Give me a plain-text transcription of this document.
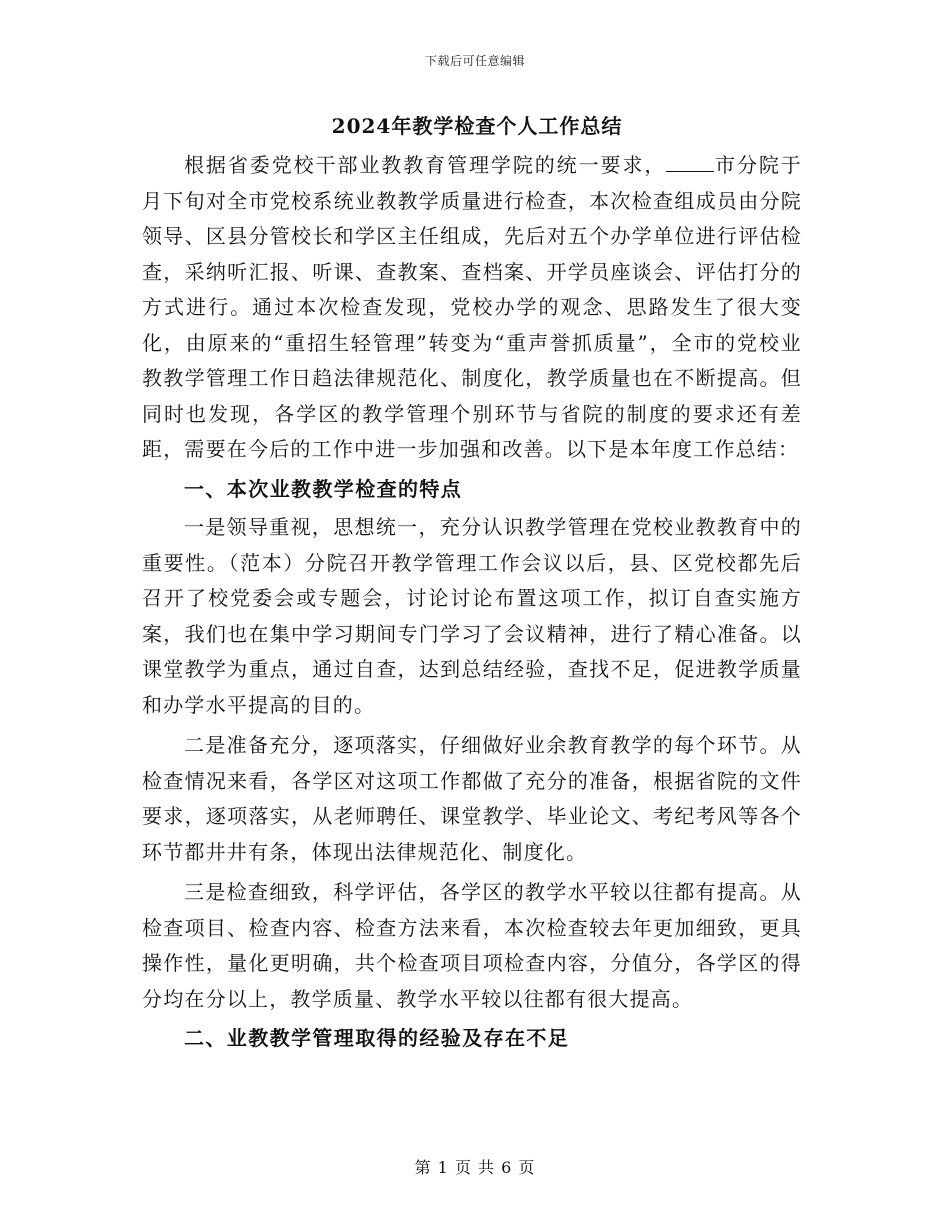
下载后可任意编辑
2024年教学检查个人工作总结

根据省委党校干部业教教育管理学院的统一要求， 市分院于月下旬对全市党校系统业教教学质量进行检查，本次检查组成员由分院领导、区县分管校长和学区主任组成，先后对五个办学单位进行评估检查，采纳听汇报、听课、查教案、查档案、开学员座谈会、评估打分的方式进行。通过本次检查发现，党校办学的观念、思路发生了很大变化，由原来的“重招生轻管理”转变为“重声誉抓质量”，全市的党校业教教学管理工作日趋法律规范化、制度化，教学质量也在不断提高。但同时也发现，各学区的教学管理个别环节与省院的制度的要求还有差距，需要在今后的工作中进一步加强和改善。以下是本年度工作总结：

一、本次业教教学检查的特点

一是领导重视，思想统一，充分认识教学管理在党校业教教育中的重要性。（范本）分院召开教学管理工作会议以后，县、区党校都先后召开了校党委会或专题会，讨论讨论布置这项工作，拟订自查实施方案，我们也在集中学习期间专门学习了会议精神，进行了精心准备。以课堂教学为重点，通过自查，达到总结经验，查找不足，促进教学质量和办学水平提高的目的。

二是准备充分，逐项落实，仔细做好业余教育教学的每个环节。从检查情况来看，各学区对这项工作都做了充分的准备，根据省院的文件要求，逐项落实，从老师聘任、课堂教学、毕业论文、考纪考风等各个环节都井井有条，体现出法律规范化、制度化。

三是检查细致，科学评估，各学区的教学水平较以往都有提高。从检查项目、检查内容、检查方法来看，本次检查较去年更加细致，更具操作性，量化更明确，共个检查项目项检查内容，分值分，各学区的得分均在分以上，教学质量、教学水平较以往都有很大提高。

二、业教教学管理取得的经验及存在不足

第 1 页 共 6 页
